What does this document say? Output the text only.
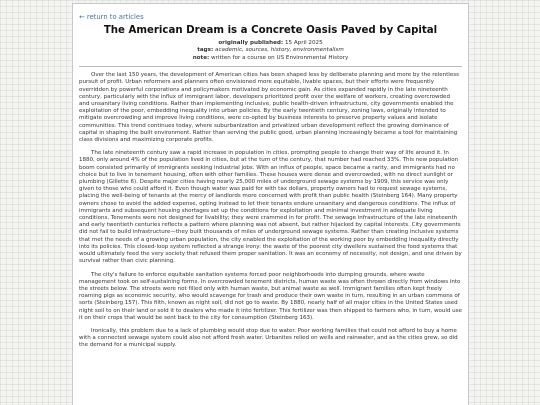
← return to articles
The American Dream is a Concrete Oasis Paved by Capital
originally published: 15 April 2025
tags: academic, sources, history, environmentalism
note: written for a course on US Environmental History

Over the last 150 years, the development of American cities has been shaped less by deliberate planning and more by the relentless pursuit of profit. Urban reformers and planners often envisioned more equitable, livable spaces, but their efforts were frequently overridden by powerful corporations and policymakers motivated by economic gain. As cities expanded rapidly in the late nineteenth century, particularly with the influx of immigrant labor, developers prioritized profit over the welfare of workers, creating overcrowded and unsanitary living conditions. Rather than implementing inclusive, public health-driven infrastructure, city governments enabled the exploitation of the poor, embedding inequality into urban policies. By the early twentieth century, zoning laws, originally intended to mitigate overcrowding and improve living conditions, were co-opted by business interests to preserve property values and isolate communities. This trend continues today, where suburbanization and privatized urban development reflect the growing dominance of capital in shaping the built environment. Rather than serving the public good, urban planning increasingly became a tool for maintaining class divisions and maximizing corporate profits.

The late nineteenth century saw a rapid increase in population in cities, prompting people to change their way of life around it. In 1880, only around 4% of the population lived in cities, but at the turn of the century, that number had reached 33%. This new population boom consisted primarily of immigrants seeking industrial jobs. With an influx of people, space became a rarity, and immigrants had no choice but to live in tenement housing, often with other families. These houses were dense and overcrowded, with no direct sunlight or plumbing (Gillette 6). Despite major cities having nearly 25,000 miles of underground sewage systems by 1909, this service was only given to those who could afford it. Even though water was paid for with tax dollars, property owners had to request sewage systems, placing the well-being of tenants at the mercy of landlords more concerned with profit than public health (Steinberg 164). Many property owners chose to avoid the added expense, opting instead to let their tenants endure unsanitary and dangerous conditions. The influx of immigrants and subsequent housing shortages set up the conditions for exploitation and minimal investment in adequate living conditions. Tenements were not designed for livability; they were crammed in for profit. The sewage infrastructure of the late nineteenth and early twentieth centuries reflects a pattern where planning was not absent, but rather hijacked by capital interests. City governments did not fail to build infrastructure—they built thousands of miles of underground sewage systems. Rather than creating inclusive systems that met the needs of a growing urban population, the city enabled the exploitation of the working poor by embedding inequality directly into its policies. This closed-loop system reflected a strange irony: the waste of the poorest city dwellers sustained the food systems that would ultimately feed the very society that refused them proper sanitation. It was an economy of necessity, not design, and one driven by survival rather than civic planning.

The city's failure to enforce equitable sanitation systems forced poor neighborhoods into dumping grounds, where waste management took on self-sustaining forms. In overcrowded tenement districts, human waste was often thrown directly from windows into the streets below. The streets were not filled only with human waste, but animal waste as well. Immigrant families often kept freely roaming pigs as economic security, who would scavenge for trash and produce their own waste in turn, resulting in an urban commons of sorts (Steinberg 157). This filth, known as night soil, did not go to waste. By 1880, nearly half of all major cities in the United States used night soil to on their land or sold it to dealers who made it into fertilizer. This fertilizer was then shipped to farmers who, in turn, would use it on their crops that would be sent back to the city for consumption (Steinberg 163).

Ironically, this problem due to a lack of plumbing would stop due to water. Poor working families that could not afford to buy a home with a connected sewage system could also not afford fresh water. Urbanites relied on wells and rainwater, and as the cities grew, so did the demand for a municipal supply.
